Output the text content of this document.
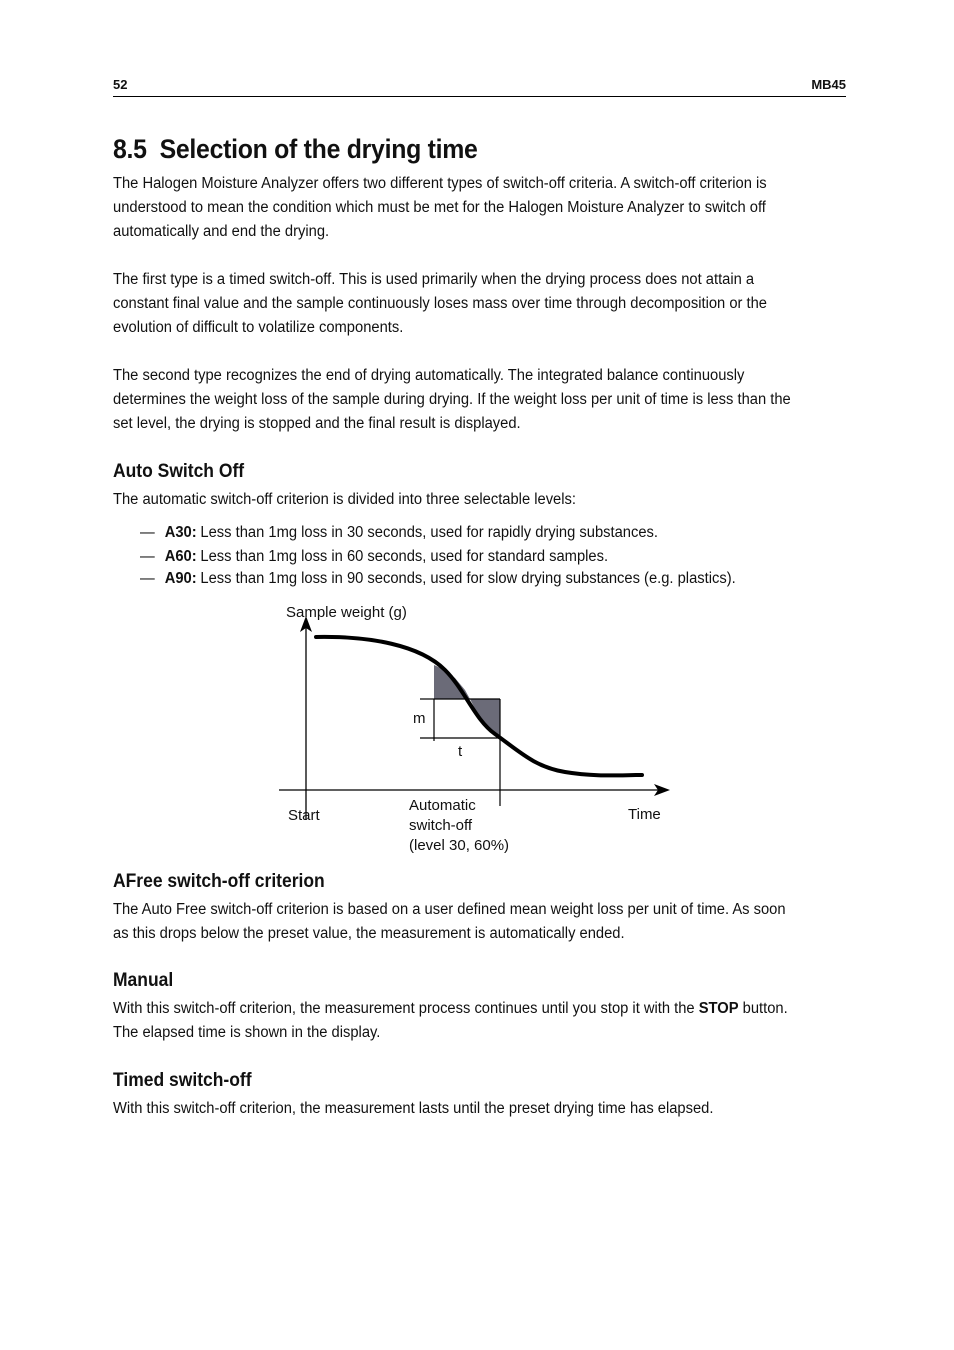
52	MB45
8.5 Selection of the drying time
The Halogen Moisture Analyzer offers two different types of switch-off criteria. A switch-off criterion is
understood to mean the condition which must be met for the Halogen Moisture Analyzer to switch off
automatically and end the drying.
The first type is a timed switch-off. This is used primarily when the drying process does not attain a
constant final value and the sample continuously loses mass over time through decomposition or the
evolution of difficult to volatilize components.
The second type recognizes the end of drying automatically. The integrated balance continuously
determines the weight loss of the sample during drying. If the weight loss per unit of time is less than the
set level, the drying is stopped and the final result is displayed.
Auto Switch Off
The automatic switch-off criterion is divided into three selectable levels:
— A30: Less than 1mg loss in 30 seconds, used for rapidly drying substances.
— A60: Less than 1mg loss in 60 seconds, used for standard samples.
— A90: Less than 1mg loss in 90 seconds, used for slow drying substances (e.g. plastics).
Sample weight (g)
m
t
Start	Time
Automatic
switch-off
(level 30, 60%)
AFree switch-off criterion
The Auto Free switch-off criterion is based on a user defined mean weight loss per unit of time. As soon
as this drops below the preset value, the measurement is automatically ended.
Manual
With this switch-off criterion, the measurement process continues until you stop it with the STOP button.
The elapsed time is shown in the display.
Timed switch-off
With this switch-off criterion, the measurement lasts until the preset drying time has elapsed.
